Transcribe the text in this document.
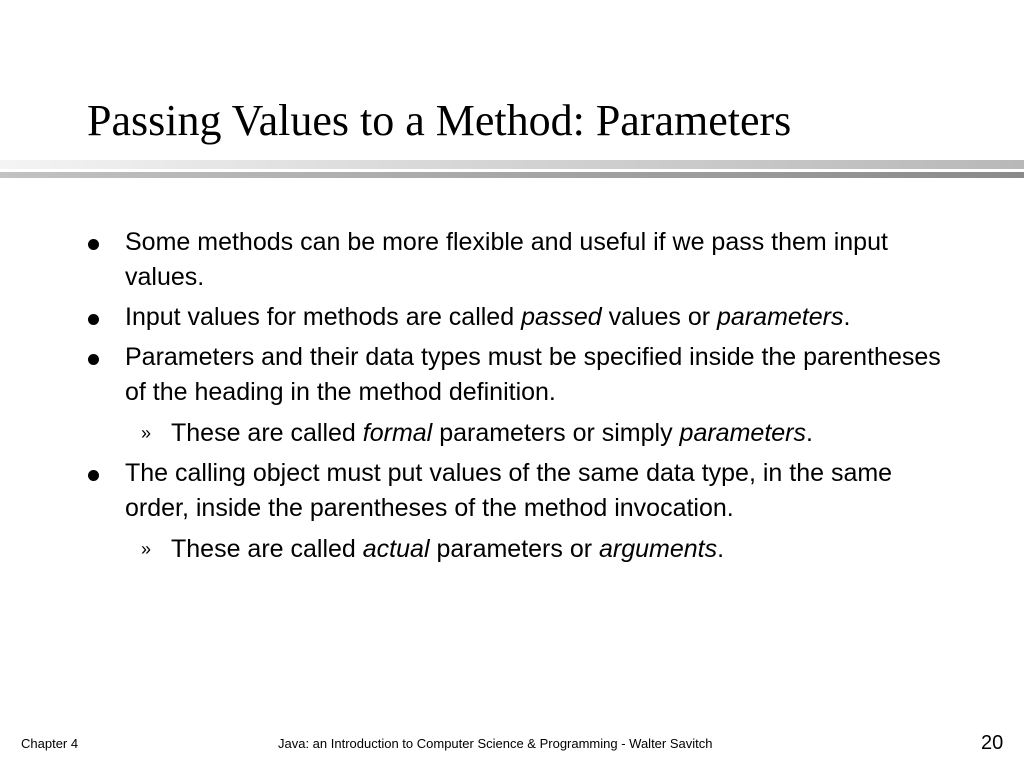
Passing Values to a Method: Parameters
Some methods can be more flexible and useful if we pass them input values.
Input values for methods are called passed values or parameters.
Parameters and their data types must be specified inside the parentheses of the heading in the method definition.
» These are called formal parameters or simply parameters.
The calling object must put values of the same data type, in the same order, inside the parentheses of the method invocation.
» These are called actual parameters or arguments.
Chapter 4	Java: an Introduction to Computer Science & Programming - Walter Savitch	20
